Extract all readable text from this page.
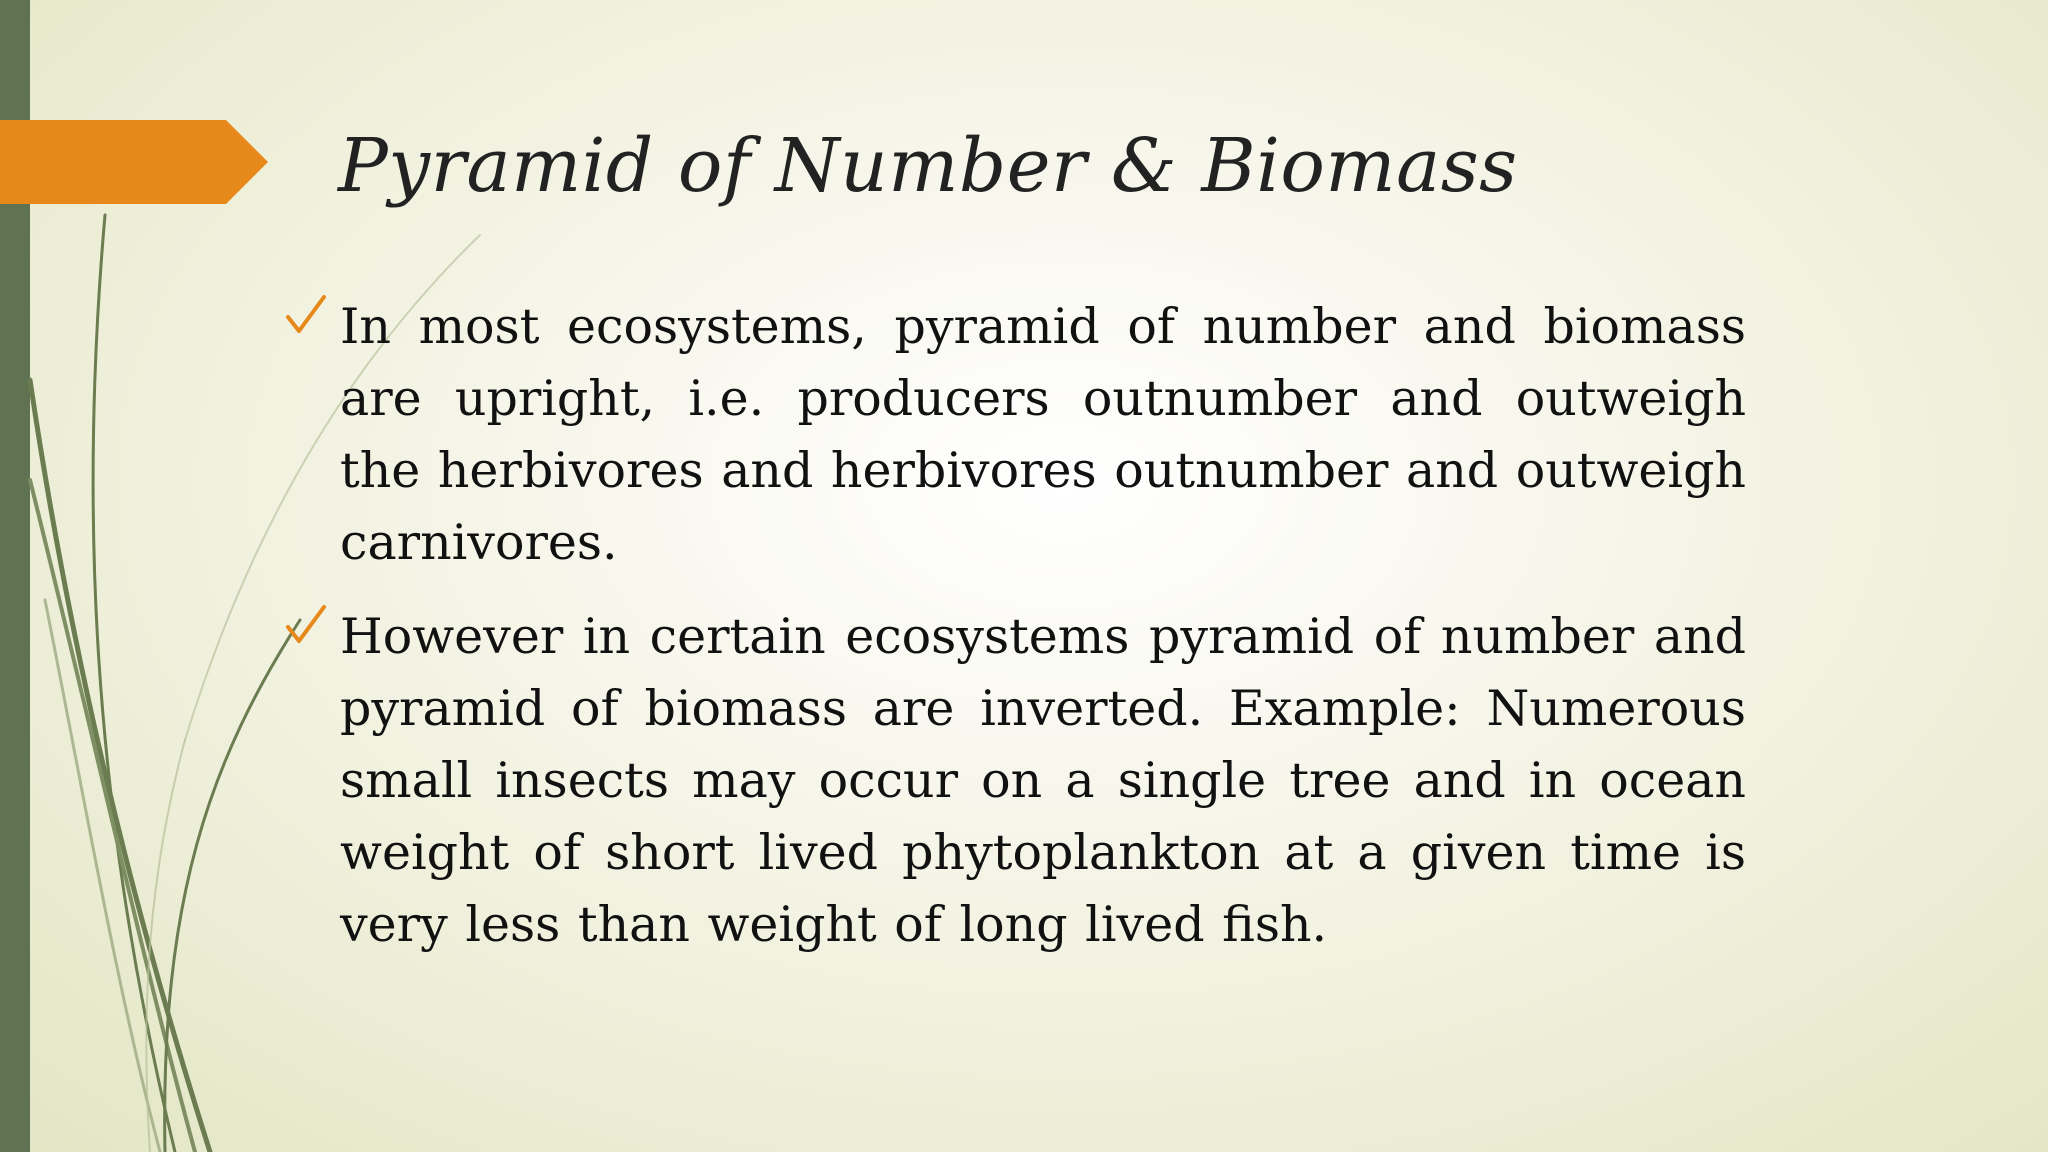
Pyramid of Number & Biomass
In most ecosystems, pyramid of number and biomass are upright, i.e. producers outnumber and outweigh the herbivores and herbivores outnumber and outweigh carnivores.
However in certain ecosystems pyramid of number and pyramid of biomass are inverted. Example: Numerous small insects may occur on a single tree and in ocean weight of short lived phytoplankton at a given time is very less than weight of long lived fish.
